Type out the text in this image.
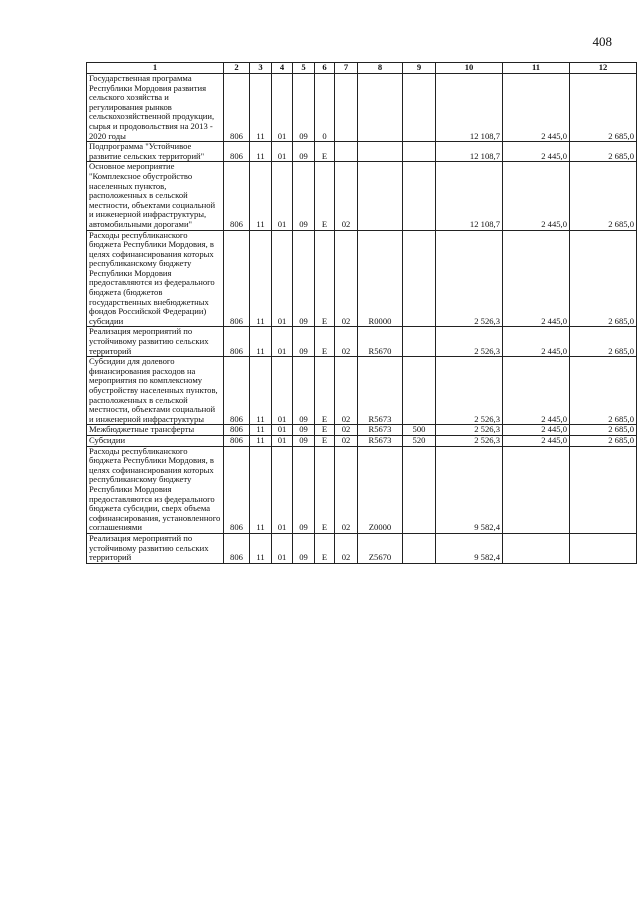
408
1	2	3	4	5	6	7	8	9	10	11	12
Государственная программа Республики Мордовия развития сельского хозяйства и регулирования рынков сельскохозяйственной продукции, сырья и продовольствия на 2013 - 2020 годы	806	11	01	09	0				12 108,7	2 445,0	2 685,0
Подпрограмма "Устойчивое развитие сельских территорий"	806	11	01	09	Е				12 108,7	2 445,0	2 685,0
Основное мероприятие "Комплексное обустройство населенных пунктов, расположенных в сельской местности, объектами социальной и инженерной инфраструктуры, автомобильными дорогами"	806	11	01	09	Е	02			12 108,7	2 445,0	2 685,0
Расходы республиканского бюджета Республики Мордовия, в целях софинансирования которых республиканскому бюджету Республики Мордовия предоставляются из федерального бюджета (бюджетов государственных внебюджетных фондов Российской Федерации) субсидии	806	11	01	09	Е	02	R0000		2 526,3	2 445,0	2 685,0
Реализация мероприятий по устойчивому развитию сельских территорий	806	11	01	09	Е	02	R5670		2 526,3	2 445,0	2 685,0
Субсидии для долевого финансирования расходов на мероприятия по комплексному обустройству населенных пунктов, расположенных в сельской местности, объектами социальной и инженерной инфраструктуры	806	11	01	09	Е	02	R5673		2 526,3	2 445,0	2 685,0
Межбюджетные трансферты	806	11	01	09	Е	02	R5673	500	2 526,3	2 445,0	2 685,0
Субсидии	806	11	01	09	Е	02	R5673	520	2 526,3	2 445,0	2 685,0
Расходы республиканского бюджета Республики Мордовия, в целях софинансирования которых республиканскому бюджету Республики Мордовия предоставляются из федерального бюджета субсидии, сверх объема софинансирования, установленного соглашениями	806	11	01	09	Е	02	Z0000		9 582,4		
Реализация мероприятий по устойчивому развитию сельских территорий	806	11	01	09	Е	02	Z5670		9 582,4		
